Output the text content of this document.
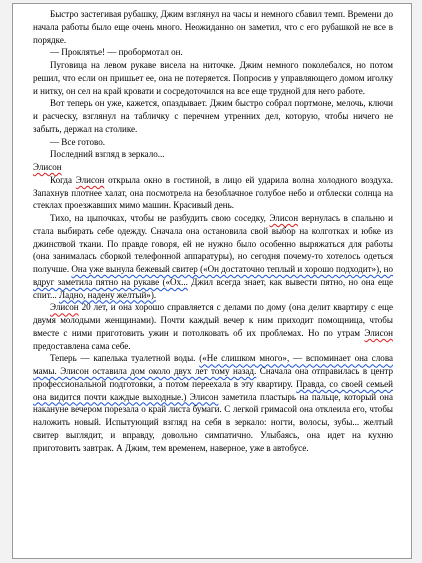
Быстро застегивая рубашку, Джим взглянул на часы и немного сбавил темп. Времени до начала работы было еще очень много. Неожиданно он заметил, что с его рубашкой не все в порядке.

— Проклятье! — пробормотал он.

Пуговица на левом рукаве висела на ниточке. Джим немного поколебался, но потом решил, что если он пришьет ее, она не потеряется. Попросив у управляющего домом иголку и нитку, он сел на край кровати и сосредоточился на все еще трудной для него работе.

Вот теперь он уже, кажется, опаздывает. Джим быстро собрал портмоне, мелочь, ключи и расческу, взглянул на табличку с перечнем утренних дел, которую, чтобы ничего не забыть, держал на столике.

— Все готово.

Последний взгляд в зеркало...

Элисон

Когда Элисон открыла окно в гостиной, в лицо ей ударила волна холодного воздуха. Запахнув плотнее халат, она посмотрела на безоблачное голубое небо и отблески солнца на стеклах проезжавших мимо машин. Красивый день.

Тихо, на цыпочках, чтобы не разбудить свою соседку, Элисон вернулась в спальню и стала выбирать себе одежду. Сначала она остановила свой выбор на колготках и юбке из джинсовой ткани. По правде говоря, ей не нужно было особенно выряжаться для работы (она занималась сборкой телефонной аппаратуры), но сегодня почему-то хотелось одеться получше. Она уже вынула бежевый свитер («Он достаточно теплый и хорошо подходит»), но вдруг заметила пятно на рукаве («Ох... Джил всегда знает, как вывести пятно, но она еще спит... Ладно, надену желтый»).

Элисон 20 лет, и она хорошо справляется с делами по дому (она делит квартиру с еще двумя молодыми женщинами). Почти каждый вечер к ним приходит помощница, чтобы вместе с ними приготовить ужин и потолковать об их проблемах. Но по утрам Элисон предоставлена сама себе.

Теперь — капелька туалетной воды. («Не слишком много», — вспоминает она слова мамы. Элисон оставила дом около двух лет тому назад. Сначала она отправилась в центр профессиональной подготовки, а потом переехала в эту квартиру. Правда, со своей семьей она видится почти каждые выходные.) Элисон заметила пластырь на пальце, который она накануне вечером порезала о край листа бумаги. С легкой гримасой она отклеила его, чтобы наложить новый. Испытующий взгляд на себя в зеркало: ногти, волосы, зубы... желтый свитер выглядит, и вправду, довольно симпатично. Улыбаясь, она идет на кухню приготовить завтрак. А Джим, тем временем, наверное, уже в автобусе.
